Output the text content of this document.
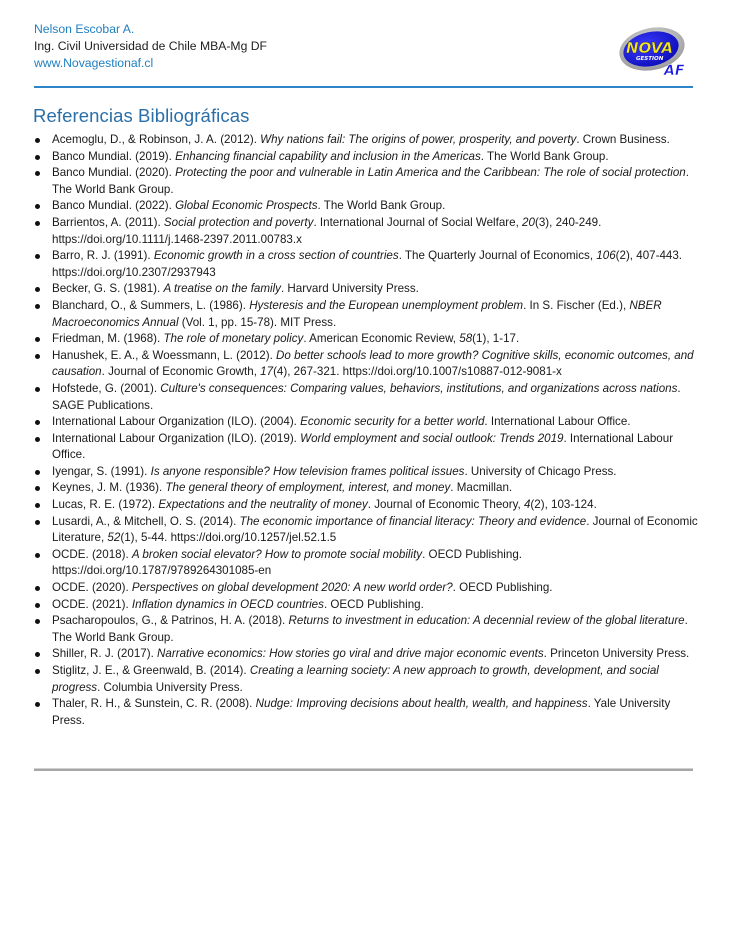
Nelson Escobar A.
Ing. Civil Universidad de Chile MBA-Mg DF
www.Novagestionaf.cl
NOVA
GESTION
AF
Referencias Bibliográficas
Acemoglu, D., & Robinson, J. A. (2012). Why nations fail: The origins of power, prosperity, and poverty. Crown Business.
Banco Mundial. (2019). Enhancing financial capability and inclusion in the Americas. The World Bank Group.
Banco Mundial. (2020). Protecting the poor and vulnerable in Latin America and the Caribbean: The role of social protection. The World Bank Group.
Banco Mundial. (2022). Global Economic Prospects. The World Bank Group.
Barrientos, A. (2011). Social protection and poverty. International Journal of Social Welfare, 20(3), 240-249. https://doi.org/10.1111/j.1468-2397.2011.00783.x
Barro, R. J. (1991). Economic growth in a cross section of countries. The Quarterly Journal of Economics, 106(2), 407-443. https://doi.org/10.2307/2937943
Becker, G. S. (1981). A treatise on the family. Harvard University Press.
Blanchard, O., & Summers, L. (1986). Hysteresis and the European unemployment problem. In S. Fischer (Ed.), NBER Macroeconomics Annual (Vol. 1, pp. 15-78). MIT Press.
Friedman, M. (1968). The role of monetary policy. American Economic Review, 58(1), 1-17.
Hanushek, E. A., & Woessmann, L. (2012). Do better schools lead to more growth? Cognitive skills, economic outcomes, and causation. Journal of Economic Growth, 17(4), 267-321. https://doi.org/10.1007/s10887-012-9081-x
Hofstede, G. (2001). Culture's consequences: Comparing values, behaviors, institutions, and organizations across nations. SAGE Publications.
International Labour Organization (ILO). (2004). Economic security for a better world. International Labour Office.
International Labour Organization (ILO). (2019). World employment and social outlook: Trends 2019. International Labour Office.
Iyengar, S. (1991). Is anyone responsible? How television frames political issues. University of Chicago Press.
Keynes, J. M. (1936). The general theory of employment, interest, and money. Macmillan.
Lucas, R. E. (1972). Expectations and the neutrality of money. Journal of Economic Theory, 4(2), 103-124.
Lusardi, A., & Mitchell, O. S. (2014). The economic importance of financial literacy: Theory and evidence. Journal of Economic Literature, 52(1), 5-44. https://doi.org/10.1257/jel.52.1.5
OCDE. (2018). A broken social elevator? How to promote social mobility. OECD Publishing. https://doi.org/10.1787/9789264301085-en
OCDE. (2020). Perspectives on global development 2020: A new world order?. OECD Publishing.
OCDE. (2021). Inflation dynamics in OECD countries. OECD Publishing.
Psacharopoulos, G., & Patrinos, H. A. (2018). Returns to investment in education: A decennial review of the global literature. The World Bank Group.
Shiller, R. J. (2017). Narrative economics: How stories go viral and drive major economic events. Princeton University Press.
Stiglitz, J. E., & Greenwald, B. (2014). Creating a learning society: A new approach to growth, development, and social progress. Columbia University Press.
Thaler, R. H., & Sunstein, C. R. (2008). Nudge: Improving decisions about health, wealth, and happiness. Yale University Press.
